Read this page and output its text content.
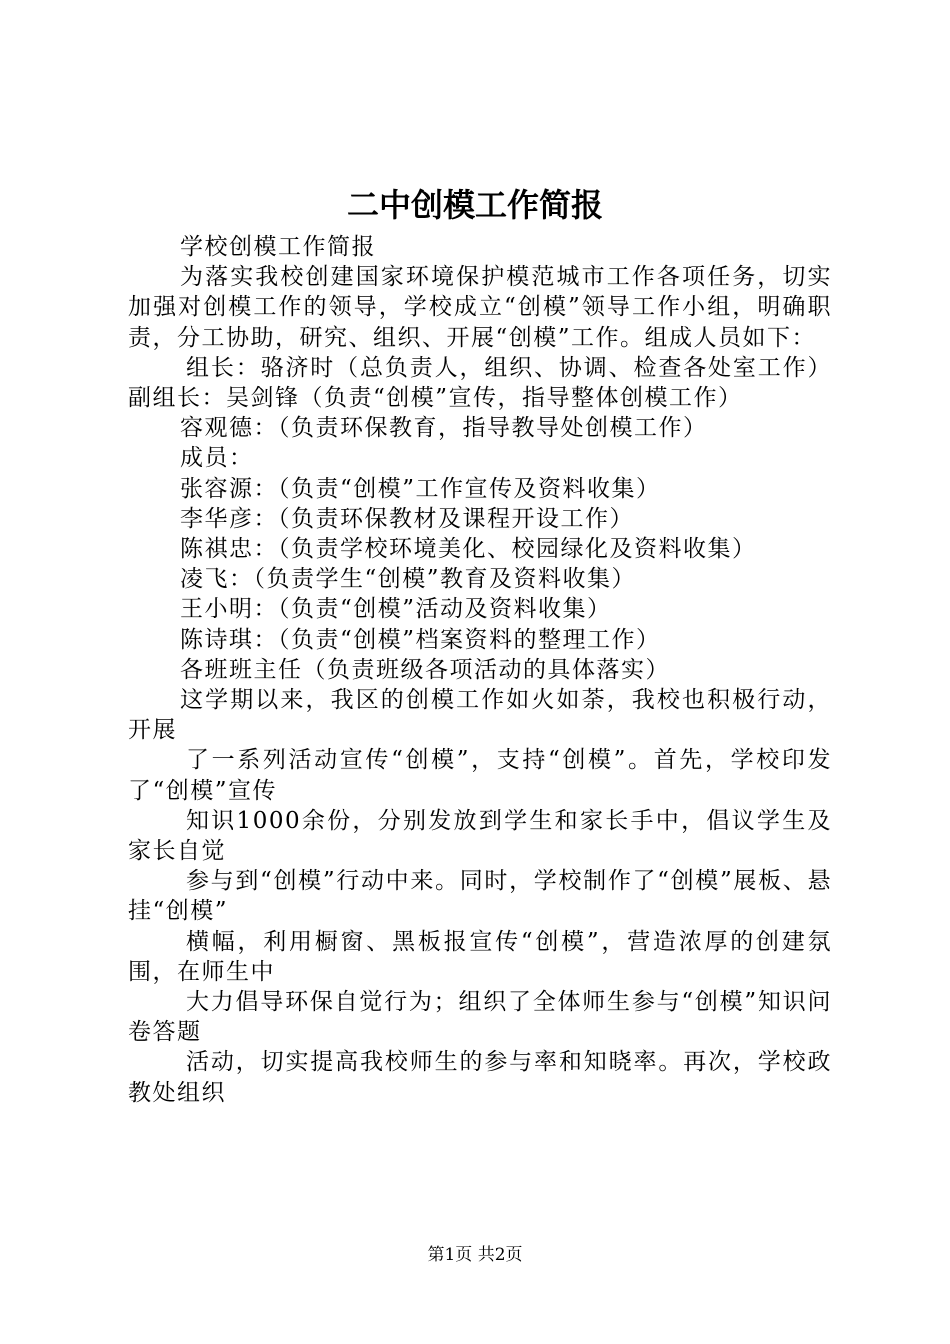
二中创模工作简报

学校创模工作简报

为落实我校创建国家环境保护模范城市工作各项任务，切实加强对创模工作的领导，学校成立“创模”领导工作小组，明确职责，分工协助，研究、组织、开展“创模”工作。组成人员如下：

组长：骆济时（总负责人，组织、协调、检查各处室工作）副组长：吴剑锋（负责“创模”宣传，指导整体创模工作）

容观德：（负责环保教育，指导教导处创模工作）

成员：

张容源：（负责“创模”工作宣传及资料收集）

李华彦：（负责环保教材及课程开设工作）

陈祺忠：（负责学校环境美化、校园绿化及资料收集）

凌飞：（负责学生“创模”教育及资料收集）

王小明：（负责“创模”活动及资料收集）

陈诗琪：（负责“创模”档案资料的整理工作）

各班班主任（负责班级各项活动的具体落实）

这学期以来，我区的创模工作如火如荼，我校也积极行动，开展

了一系列活动宣传“创模”，支持“创模”。首先，学校印发了“创模”宣传

知识1000余份，分别发放到学生和家长手中，倡议学生及家长自觉

参与到“创模”行动中来。同时，学校制作了“创模”展板、悬挂“创模”

横幅，利用橱窗、黑板报宣传“创模”，营造浓厚的创建氛围，在师生中

大力倡导环保自觉行为；组织了全体师生参与“创模”知识问卷答题

活动，切实提高我校师生的参与率和知晓率。再次，学校政教处组织

第1页 共2页
